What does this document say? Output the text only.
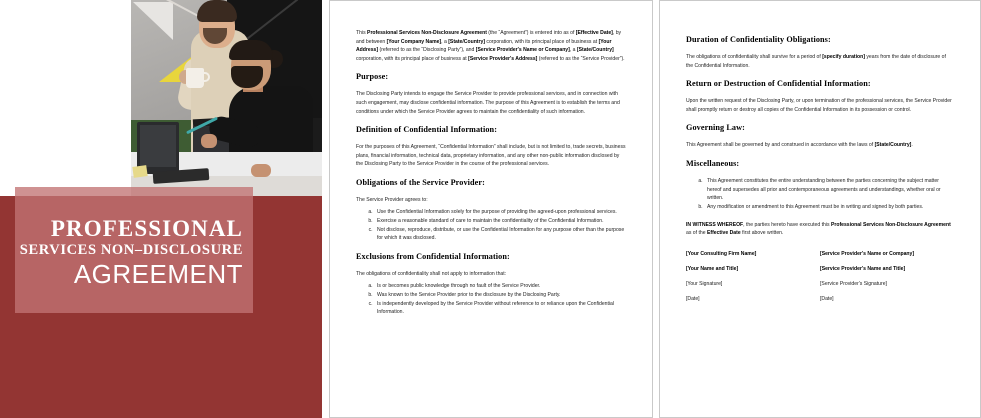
PROFESSIONAL
SERVICES NON–DISCLOSURE
AGREEMENT

This Professional Services Non-Disclosure Agreement (the “Agreement”) is entered into as of [Effective Date], by and between [Your Company Name], a [State/Country] corporation, with its principal place of business at [Your Address] (referred to as the “Disclosing Party”), and [Service Provider's Name or Company], a [State/Country] corporation, with its principal place of business at [Service Provider's Address] (referred to as the “Service Provider”).

Purpose:

The Disclosing Party intends to engage the Service Provider to provide professional services, and in connection with such engagement, may disclose confidential information. The purpose of this Agreement is to establish the terms and conditions under which the Service Provider agrees to maintain the confidentiality of such information.

Definition of Confidential Information:

For the purposes of this Agreement, “Confidential Information” shall include, but is not limited to, trade secrets, business plans, financial information, technical data, proprietary information, and any other non-public information disclosed by the Disclosing Party to the Service Provider in the course of the professional services.

Obligations of the Service Provider:

The Service Provider agrees to:

a. Use the Confidential Information solely for the purpose of providing the agreed-upon professional services.
b. Exercise a reasonable standard of care to maintain the confidentiality of the Confidential Information.
c. Not disclose, reproduce, distribute, or use the Confidential Information for any purpose other than the purpose for which it was disclosed.
Exclusions from Confidential Information:

The obligations of confidentiality shall not apply to information that:

a. Is or becomes public knowledge through no fault of the Service Provider.
b. Was known to the Service Provider prior to the disclosure by the Disclosing Party.
c. Is independently developed by the Service Provider without reference to or reliance upon the Confidential Information.
Duration of Confidentiality Obligations:

The obligations of confidentiality shall survive for a period of [specify duration] years from the date of disclosure of the Confidential Information.

Return or Destruction of Confidential Information:

Upon the written request of the Disclosing Party, or upon termination of the professional services, the Service Provider shall promptly return or destroy all copies of the Confidential Information in its possession or control.

Governing Law:

This Agreement shall be governed by and construed in accordance with the laws of [State/Country].

Miscellaneous:
a. This Agreement constitutes the entire understanding between the parties concerning the subject matter hereof and supersedes all prior and contemporaneous agreements and understandings, whether oral or written.
b. Any modification or amendment to this Agreement must be in writing and signed by both parties.

IN WITNESS WHEREOF, the parties hereto have executed this Professional Services Non-Disclosure Agreement as of the Effective Date first above written.

[Your Consulting Firm Name]
[Your Name and Title]
[Your Signature]
[Date]
[Service Provider's Name or Company]
[Service Provider's Name and Title]
[Service Provider's Signature]
[Date]
